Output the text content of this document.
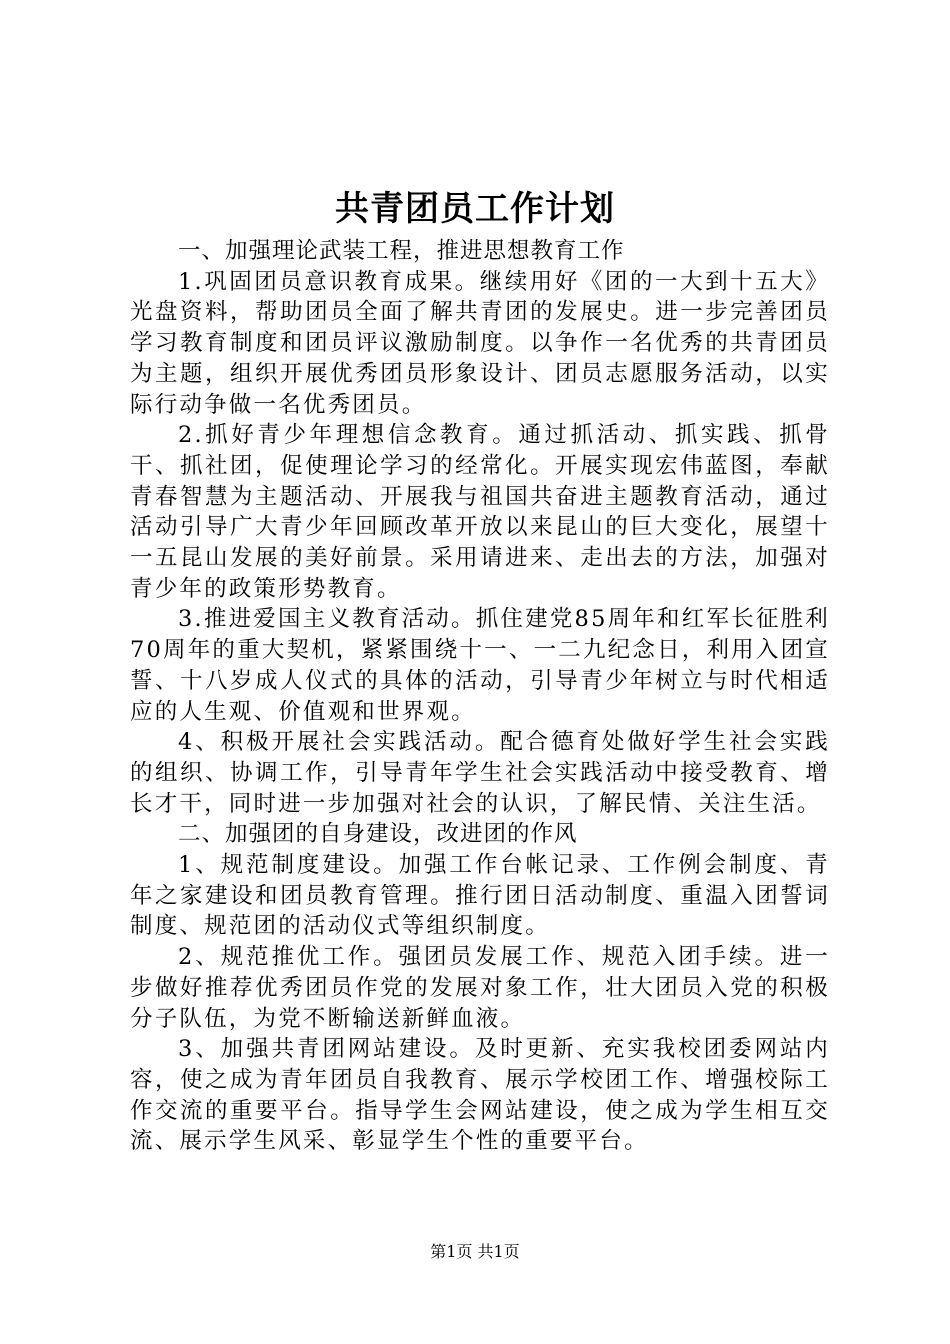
共青团员工作计划

一、加强理论武装工程，推进思想教育工作

1.巩固团员意识教育成果。继续用好《团的一大到十五大》光盘资料，帮助团员全面了解共青团的发展史。进一步完善团员学习教育制度和团员评议激励制度。以争作一名优秀的共青团员为主题，组织开展优秀团员形象设计、团员志愿服务活动，以实际行动争做一名优秀团员。

2.抓好青少年理想信念教育。通过抓活动、抓实践、抓骨干、抓社团，促使理论学习的经常化。开展实现宏伟蓝图，奉献青春智慧为主题活动、开展我与祖国共奋进主题教育活动，通过活动引导广大青少年回顾改革开放以来昆山的巨大变化，展望十一五昆山发展的美好前景。采用请进来、走出去的方法，加强对青少年的政策形势教育。

3.推进爱国主义教育活动。抓住建党85周年和红军长征胜利70周年的重大契机，紧紧围绕十一、一二九纪念日，利用入团宣誓、十八岁成人仪式的具体的活动，引导青少年树立与时代相适应的人生观、价值观和世界观。

4、积极开展社会实践活动。配合德育处做好学生社会实践的组织、协调工作，引导青年学生社会实践活动中接受教育、增长才干，同时进一步加强对社会的认识，了解民情、关注生活。

二、加强团的自身建设，改进团的作风

1、规范制度建设。加强工作台帐记录、工作例会制度、青年之家建设和团员教育管理。推行团日活动制度、重温入团誓词制度、规范团的活动仪式等组织制度。

2、规范推优工作。强团员发展工作、规范入团手续。进一步做好推荐优秀团员作党的发展对象工作，壮大团员入党的积极分子队伍，为党不断输送新鲜血液。

3、加强共青团网站建设。及时更新、充实我校团委网站内容，使之成为青年团员自我教育、展示学校团工作、增强校际工作交流的重要平台。指导学生会网站建设，使之成为学生相互交流、展示学生风采、彰显学生个性的重要平台。

第1页 共1页
